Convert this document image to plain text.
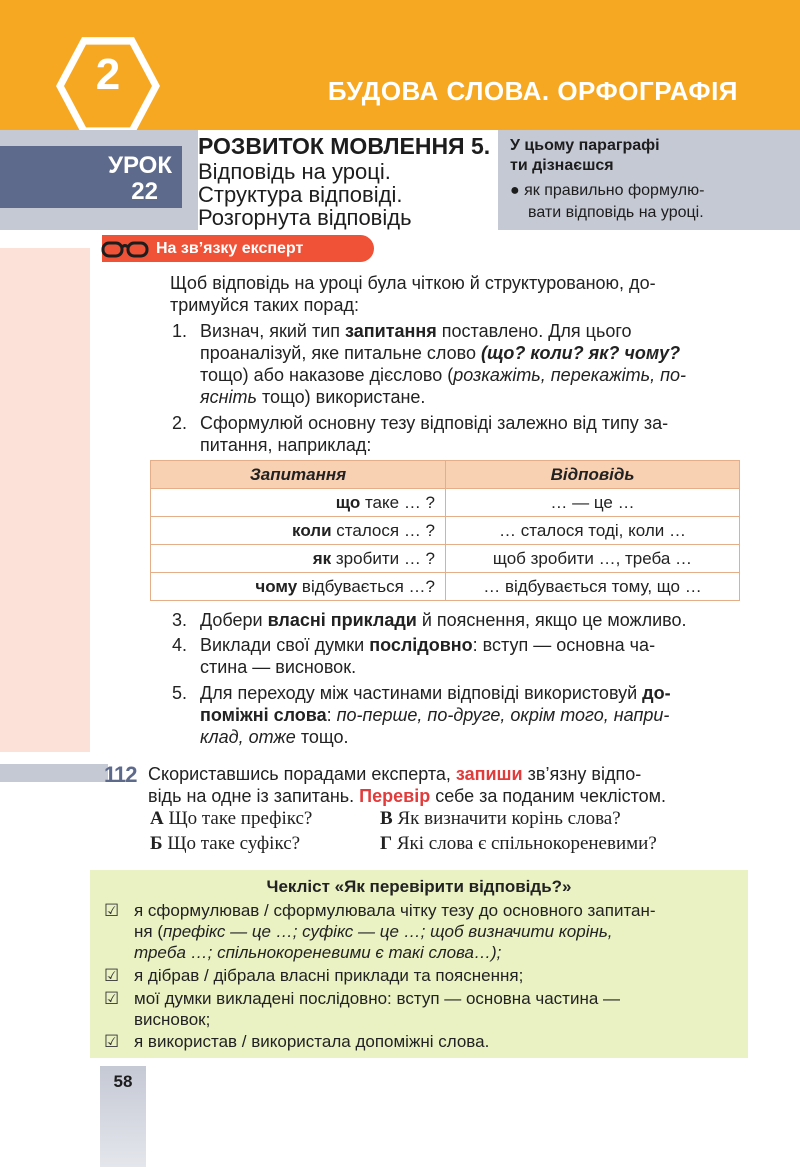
2	БУДОВА СЛОВА. ОРФОГРАФІЯ
УРОК
22
РОЗВИТОК МОВЛЕННЯ 5.
Відповідь на уроці.
Структура відповіді.
Розгорнута відповідь
У цьому параграфі
ти дізнаєшся
● як правильно формулю-
вати відповідь на уроці.
На зв’язку експерт
Щоб відповідь на уроці була чіткою й структурованою, до-
тримуйся таких порад:
1. Визнач, який тип запитання поставлено. Для цього
проаналізуй, яке питальне слово (що? коли? як? чому?
тощо) або наказове дієслово (розкажіть, перекажіть, по-
ясніть тощо) використане.
2. Сформулюй основну тезу відповіді залежно від типу за-
питання, наприклад:
Запитання	Відповідь
що таке … ?	… — це …
коли сталося … ?	… сталося тоді, коли …
як зробити … ?	щоб зробити …, треба …
чому відбувається …?	… відбувається тому, що …
3. Добери власні приклади й пояснення, якщо це можливо.
4. Виклади свої думки послідовно: вступ — основна ча-
стина — висновок.
5. Для переходу між частинами відповіді використовуй до-
поміжні слова: по-перше, по-друге, окрім того, напри-
клад, отже тощо.
112 Скориставшись порадами експерта, запиши зв’язну відпо-
відь на одне із запитань. Перевір себе за поданим чеклістом.
А Що таке префікс?	В Як визначити корінь слова?
Б Що таке суфікс?	Г Які слова є спільнокореневими?
Чекліст «Як перевірити відповідь?»
☑ я сформулював / сформулювала чітку тезу до основного запитан-
ня (префікс — це …; суфікс — це …; щоб визначити корінь,
треба …; спільнокореневими є такі слова…);
☑ я дібрав / дібрала власні приклади та пояснення;
☑ мої думки викладені послідовно: вступ — основна частина —
висновок;
☑ я використав / використала допоміжні слова.
58
